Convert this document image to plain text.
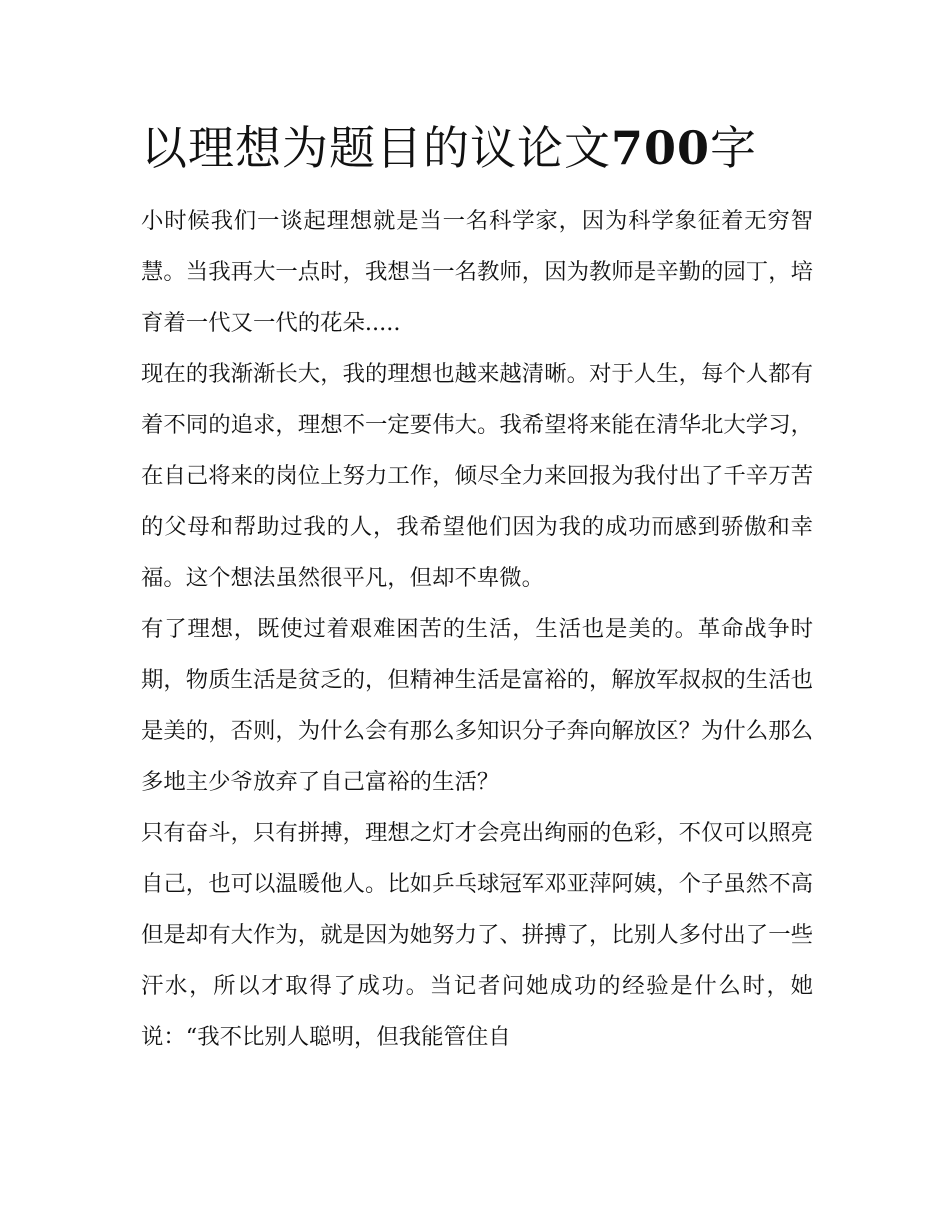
以理想为题目的议论文700字

小时候我们一谈起理想就是当一名科学家，因为科学象征着无穷智慧。当我再大一点时，我想当一名教师，因为教师是辛勤的园丁，培育着一代又一代的花朵.....

现在的我渐渐长大，我的理想也越来越清晰。对于人生，每个人都有着不同的追求，理想不一定要伟大。我希望将来能在清华北大学习，在自己将来的岗位上努力工作，倾尽全力来回报为我付出了千辛万苦的父母和帮助过我的人，我希望他们因为我的成功而感到骄傲和幸福。这个想法虽然很平凡，但却不卑微。

有了理想，既使过着艰难困苦的生活，生活也是美的。革命战争时期，物质生活是贫乏的，但精神生活是富裕的，解放军叔叔的生活也是美的，否则，为什么会有那么多知识分子奔向解放区？为什么那么多地主少爷放弃了自己富裕的生活？

只有奋斗，只有拼搏，理想之灯才会亮出绚丽的色彩，不仅可以照亮自己，也可以温暖他人。比如乒乓球冠军邓亚萍阿姨，个子虽然不高但是却有大作为，就是因为她努力了、拼搏了，比别人多付出了一些汗水，所以才取得了成功。当记者问她成功的经验是什么时，她说：“我不比别人聪明，但我能管住自
